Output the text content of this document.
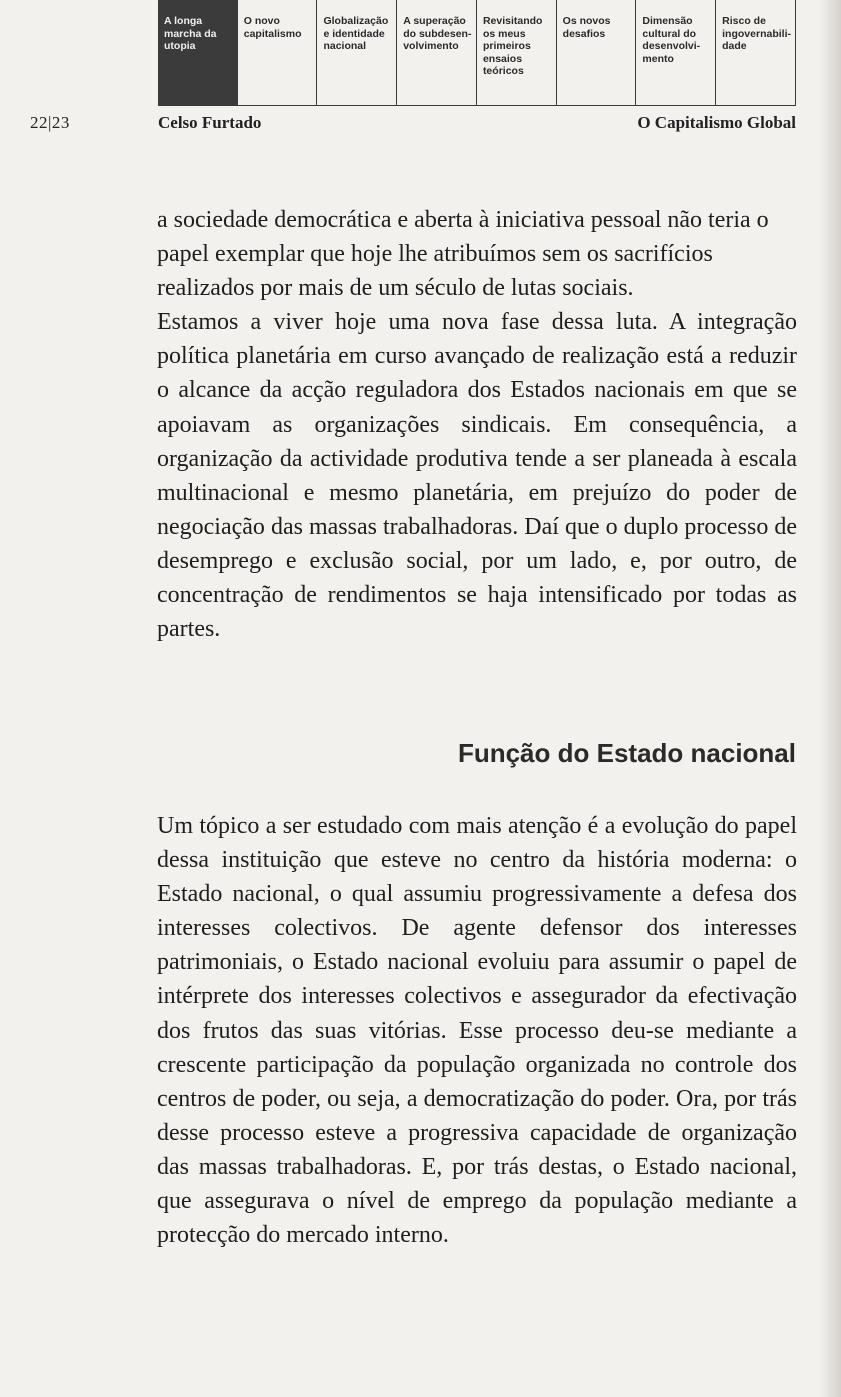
A longa
marcha da
utopia
O novo
capitalismo
Globalização
e identidade
nacional
A superação
do subdesen-
volvimento
Revisitando
os meus
primeiros
ensaios
teóricos
Os novos
desafios
Dimensão
cultural do
desenvolvi-
mento
Risco de
ingovernabili-
dade
22|23	Celso Furtado	O Capitalismo Global

a sociedade democrática e aberta à iniciativa pessoal não teria o papel exemplar que hoje lhe atribuímos sem os sacrifícios realizados por mais de um século de lutas sociais.

Estamos a viver hoje uma nova fase dessa luta. A integração política planetária em curso avançado de realização está a reduzir o alcance da acção reguladora dos Estados nacionais em que se apoiavam as organizações sindicais. Em consequência, a organização da actividade produtiva tende a ser planeada à escala multinacional e mesmo planetária, em prejuízo do poder de negociação das massas trabalhadoras. Daí que o duplo processo de desemprego e exclusão social, por um lado, e, por outro, de concentração de rendimentos se haja intensificado por todas as partes.

Função do Estado nacional

Um tópico a ser estudado com mais atenção é a evolução do papel dessa instituição que esteve no centro da história moderna: o Estado nacional, o qual assumiu progressivamente a defesa dos interesses colectivos. De agente defensor dos interesses patrimoniais, o Estado nacional evoluiu para assumir o papel de intérprete dos interesses colectivos e assegurador da efectivação dos frutos das suas vitórias. Esse processo deu-se mediante a crescente participação da população organizada no controle dos centros de poder, ou seja, a democratização do poder. Ora, por trás desse processo esteve a progressiva capacidade de organização das massas trabalhadoras. E, por trás destas, o Estado nacional, que assegurava o nível de emprego da população mediante a protecção do mercado interno.
